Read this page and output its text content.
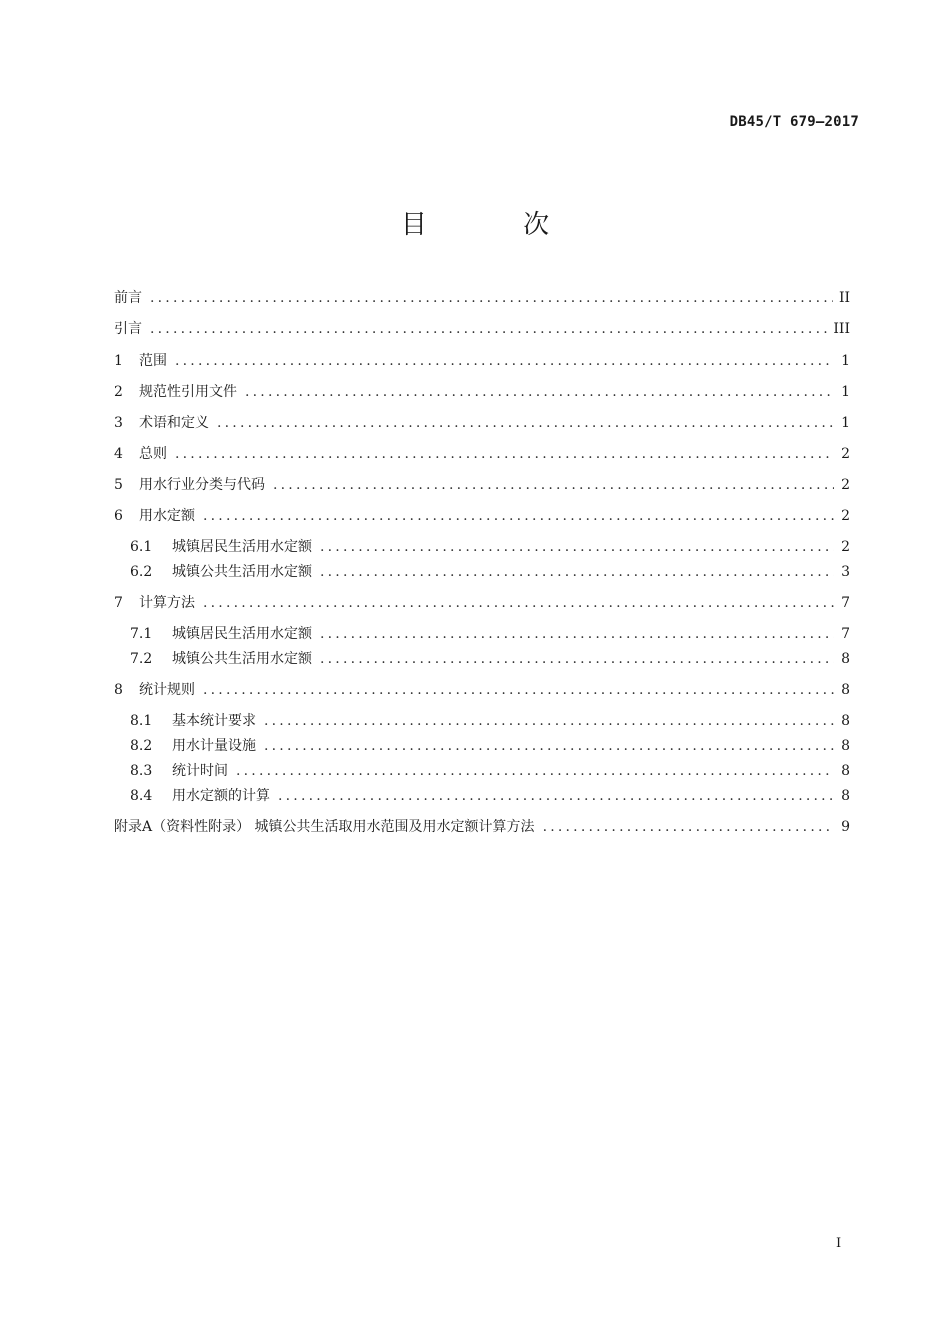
DB45/T 679—2017
目 次
前言 .....	II
引言 .....	III
1 范围 .....	1
2 规范性引用文件 .....	1
3 术语和定义 .....	1
4 总则 .....	2
5 用水行业分类与代码 .....	2
6 用水定额 .....	2
6.1 城镇居民生活用水定额 .....	2
6.2 城镇公共生活用水定额 .....	3
7 计算方法 .....	7
7.1 城镇居民生活用水定额 .....	7
7.2 城镇公共生活用水定额 .....	8
8 统计规则 .....	8
8.1 基本统计要求 .....	8
8.2 用水计量设施 .....	8
8.3 统计时间 .....	8
8.4 用水定额的计算 .....	8
附录A（资料性附录） 城镇公共生活取用水范围及用水定额计算方法 .....	9
I
